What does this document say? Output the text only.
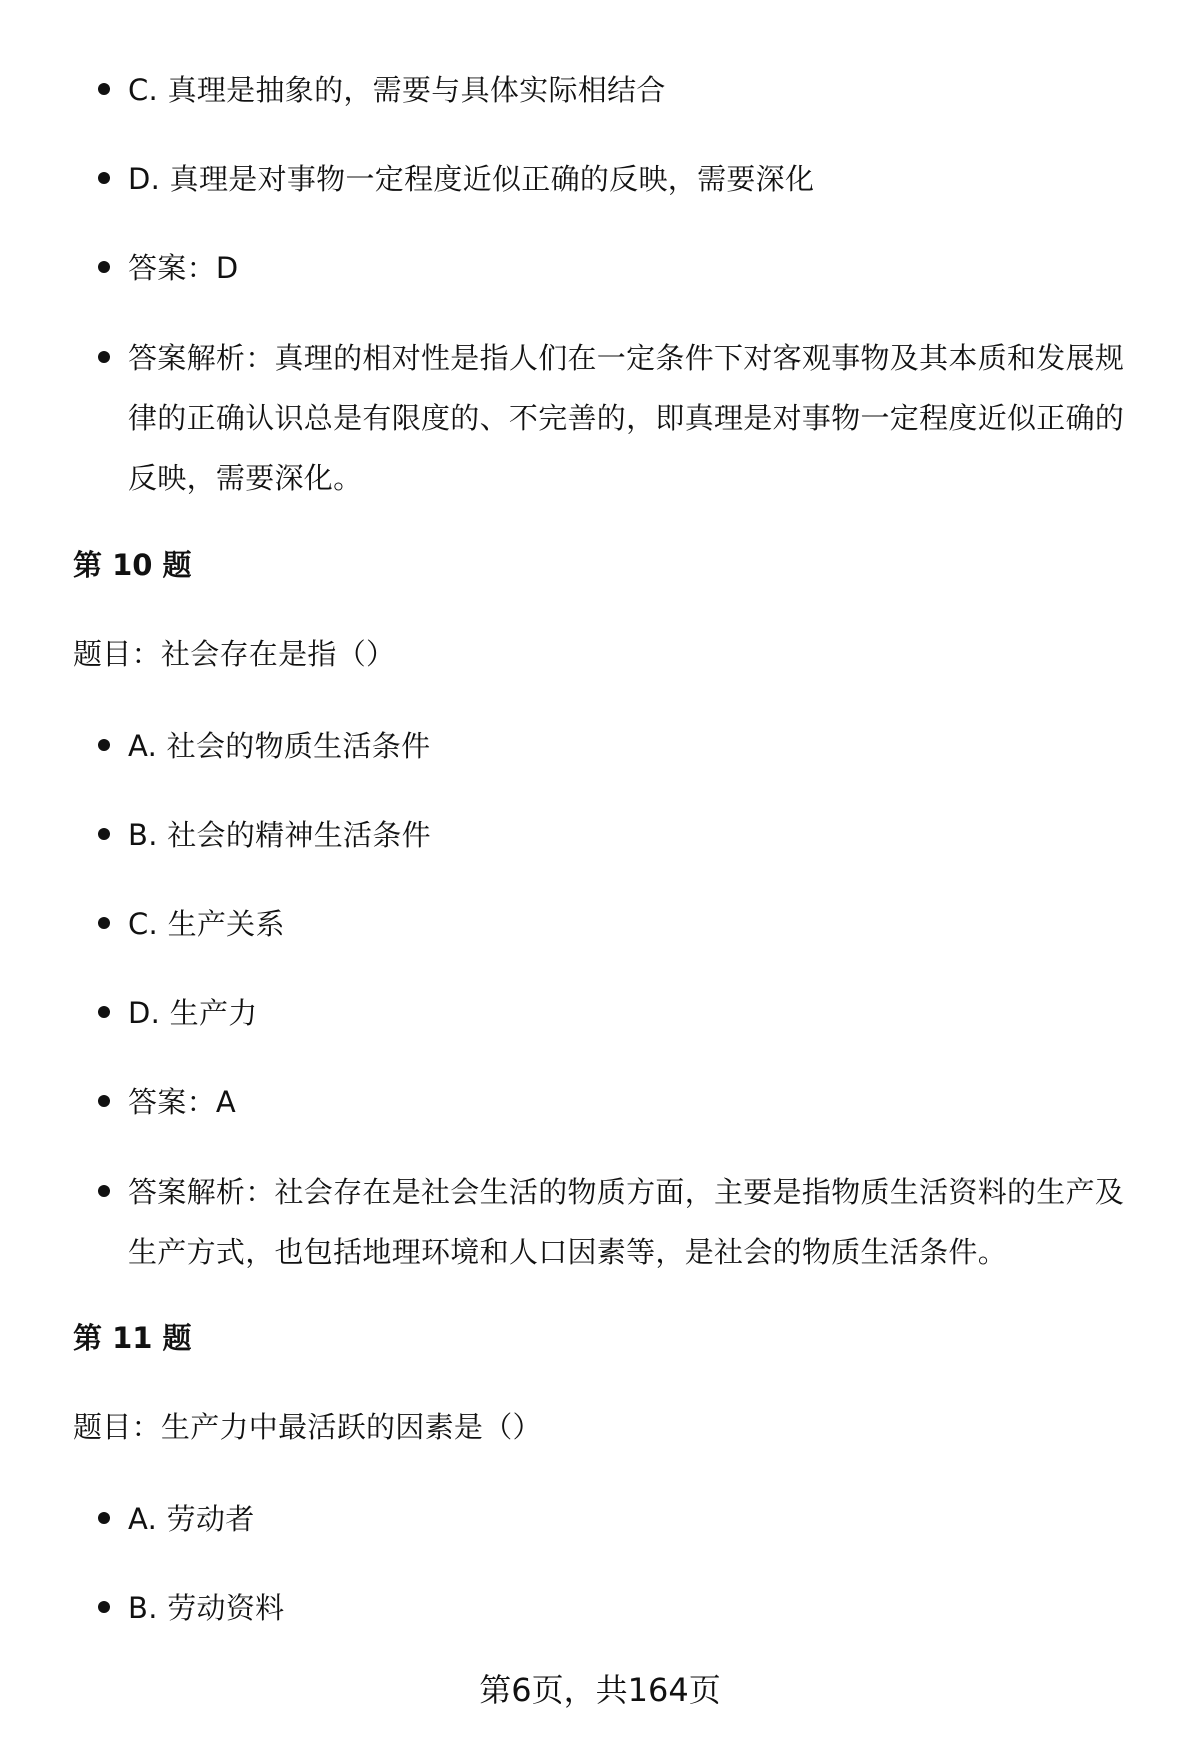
C. 真理是抽象的，需要与具体实际相结合
D. 真理是对事物一定程度近似正确的反映，需要深化
答案：D
答案解析：真理的相对性是指人们在一定条件下对客观事物及其本质和发展规律的正确认识总是有限度的、不完善的，即真理是对事物一定程度近似正确的反映，需要深化。
第 10 题
题目：社会存在是指（）
A. 社会的物质生活条件
B. 社会的精神生活条件
C. 生产关系
D. 生产力
答案：A
答案解析：社会存在是社会生活的物质方面，主要是指物质生活资料的生产及生产方式，也包括地理环境和人口因素等，是社会的物质生活条件。
第 11 题
题目：生产力中最活跃的因素是（）
A. 劳动者
B. 劳动资料
第6页，共164页
